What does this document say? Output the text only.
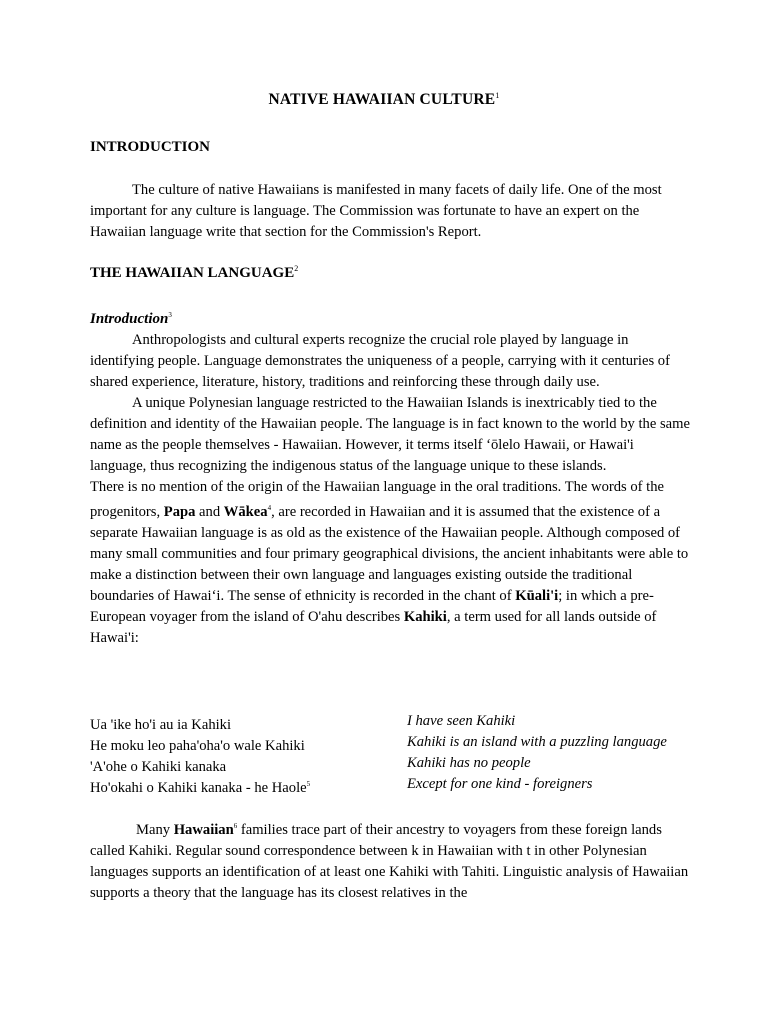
NATIVE HAWAIIAN CULTURE$^1$
INTRODUCTION

The culture of native Hawaiians is manifested in many facets of daily life. One of the most important for any culture is language. The Commission was fortunate to have an expert on the Hawaiian language write that section for the Commission's Report.

THE HAWAIIAN LANGUAGE$^2$
Introduction$^3$

Anthropologists and cultural experts recognize the crucial role played by language in identifying people. Language demonstrates the uniqueness of a people, carrying with it centuries of shared experience, literature, history, traditions and reinforcing these through daily use.

A unique Polynesian language restricted to the Hawaiian Islands is inextricably tied to the definition and identity of the Hawaiian people. The language is in fact known to the world by the same name as the people themselves - Hawaiian. However, it terms itself ʻōlelo Hawaii, or Hawai'i language, thus recognizing the indigenous status of the language unique to these islands.

There is no mention of the origin of the Hawaiian language in the oral traditions. The words of the progenitors, Papa and Wākea$^4$, are recorded in Hawaiian and it is assumed that the existence of a separate Hawaiian language is as old as the existence of the Hawaiian people. Although composed of many small communities and four primary geographical divisions, the ancient inhabitants were able to make a distinction between their own language and languages existing outside the traditional boundaries of Hawaiʻi. The sense of ethnicity is recorded in the chant of Kūali'i; in which a pre-European voyager from the island of O'ahu describes Kahiki, a term used for all lands outside of Hawai'i:

Ua 'ike ho'i au ia Kahiki	I have seen Kahiki
He moku leo paha'oha'o wale Kahiki	Kahiki is an island with a puzzling language
'A'ohe o Kahiki kanaka	Kahiki has no people
Ho'okahi o Kahiki kanaka - he Haole$^5$	Except for one kind - foreigners

Many Hawaiian$^6$ families trace part of their ancestry to voyagers from these foreign lands called Kahiki. Regular sound correspondence between k in Hawaiian with t in other Polynesian languages supports an identification of at least one Kahiki with Tahiti. Linguistic analysis of Hawaiian supports a theory that the language has its closest relatives in the
